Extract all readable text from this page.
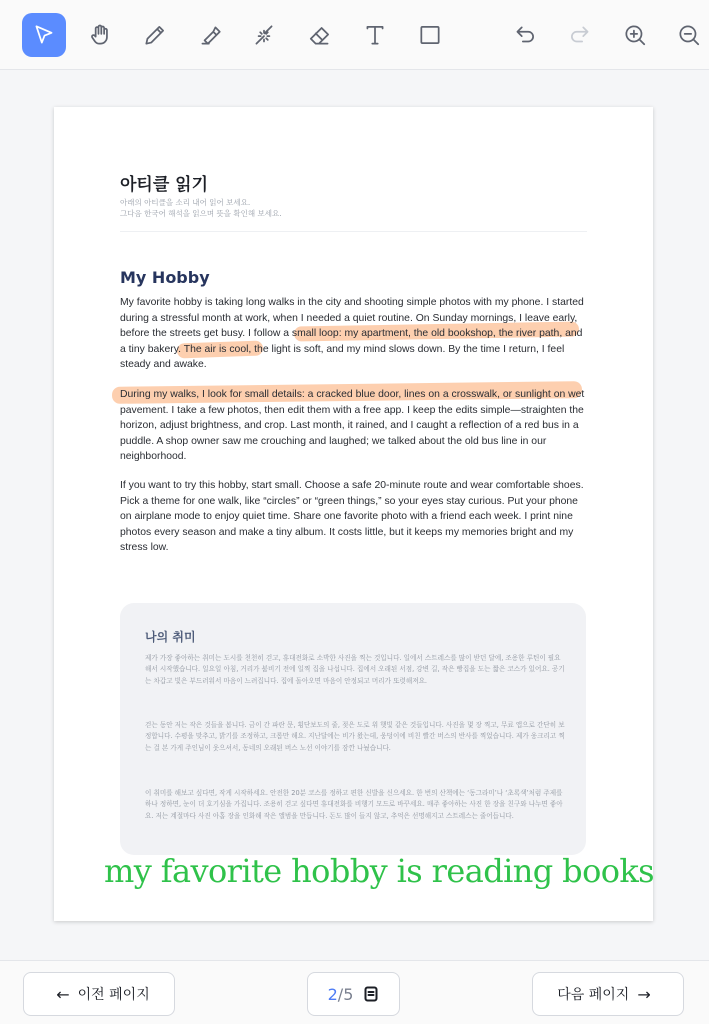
아티클 읽기
아래의 아티클을 소리 내어 읽어 보세요.
그다음 한국어 해석을 읽으며 뜻을 확인해 보세요.
My Hobby
My favorite hobby is taking long walks in the city and shooting simple photos with my phone. I started during a stressful month at work, when I needed a quiet routine. On Sunday mornings, I leave early, before the streets get busy. I follow a small loop: my apartment, the old bookshop, the river path, and a tiny bakery. The air is cool, the light is soft, and my mind slows down. By the time I return, I feel steady and awake.
During my walks, I look for small details: a cracked blue door, lines on a crosswalk, or sunlight on wet pavement. I take a few photos, then edit them with a free app. I keep the edits simple—straighten the horizon, adjust brightness, and crop. Last month, it rained, and I caught a reflection of a red bus in a puddle. A shop owner saw me crouching and laughed; we talked about the old bus line in our neighborhood.
If you want to try this hobby, start small. Choose a safe 20-minute route and wear comfortable shoes. Pick a theme for one walk, like “circles” or “green things,” so your eyes stay curious. Put your phone on airplane mode to enjoy quiet time. Share one favorite photo with a friend each week. I print nine photos every season and make a tiny album. It costs little, but it keeps my memories bright and my stress low.
나의 취미
제가 가장 좋아하는 취미는 도시를 천천히 걷고, 휴대전화로 소박한 사진을 찍는 것입니다. 일에서 스트레스를 많이 받던 달에, 조용한 루틴이 필요해서 시작했습니다. 일요일 아침, 거리가 붐비기 전에 일찍 집을 나섭니다. 집에서 오래된 서점, 강변 길, 작은 빵집을 도는 짧은 코스가 있어요. 공기는 차갑고 빛은 부드러워서 마음이 느려집니다. 집에 돌아오면 마음이 안정되고 머리가 또렷해져요.
걷는 동안 저는 작은 것들을 봅니다. 금이 간 파란 문, 횡단보도의 줄, 젖은 도로 위 햇빛 같은 것들입니다. 사진을 몇 장 찍고, 무료 앱으로 간단히 보정합니다. 수평을 맞추고, 밝기를 조정하고, 크롭만 해요. 지난달에는 비가 왔는데, 웅덩이에 비친 빨간 버스의 반사를 찍었습니다. 제가 웅크리고 찍는 걸 본 가게 주인님이 웃으셔서, 동네의 오래된 버스 노선 이야기를 잠깐 나눴습니다.
이 취미를 해보고 싶다면, 작게 시작하세요. 안전한 20분 코스를 정하고 편한 신발을 신으세요. 한 번의 산책에는 ‘동그라미’나 ‘초록색’처럼 주제를 하나 정하면, 눈이 더 호기심을 가집니다. 조용히 걷고 싶다면 휴대전화를 비행기 모드로 바꾸세요. 매주 좋아하는 사진 한 장을 친구와 나누면 좋아요. 저는 계절마다 사진 아홉 장을 인화해 작은 앨범을 만듭니다. 돈도 많이 들지 않고, 추억은 선명해지고 스트레스는 줄어듭니다.
my favorite hobby is reading books
← 이전 페이지	2 / 5	다음 페이지 →
